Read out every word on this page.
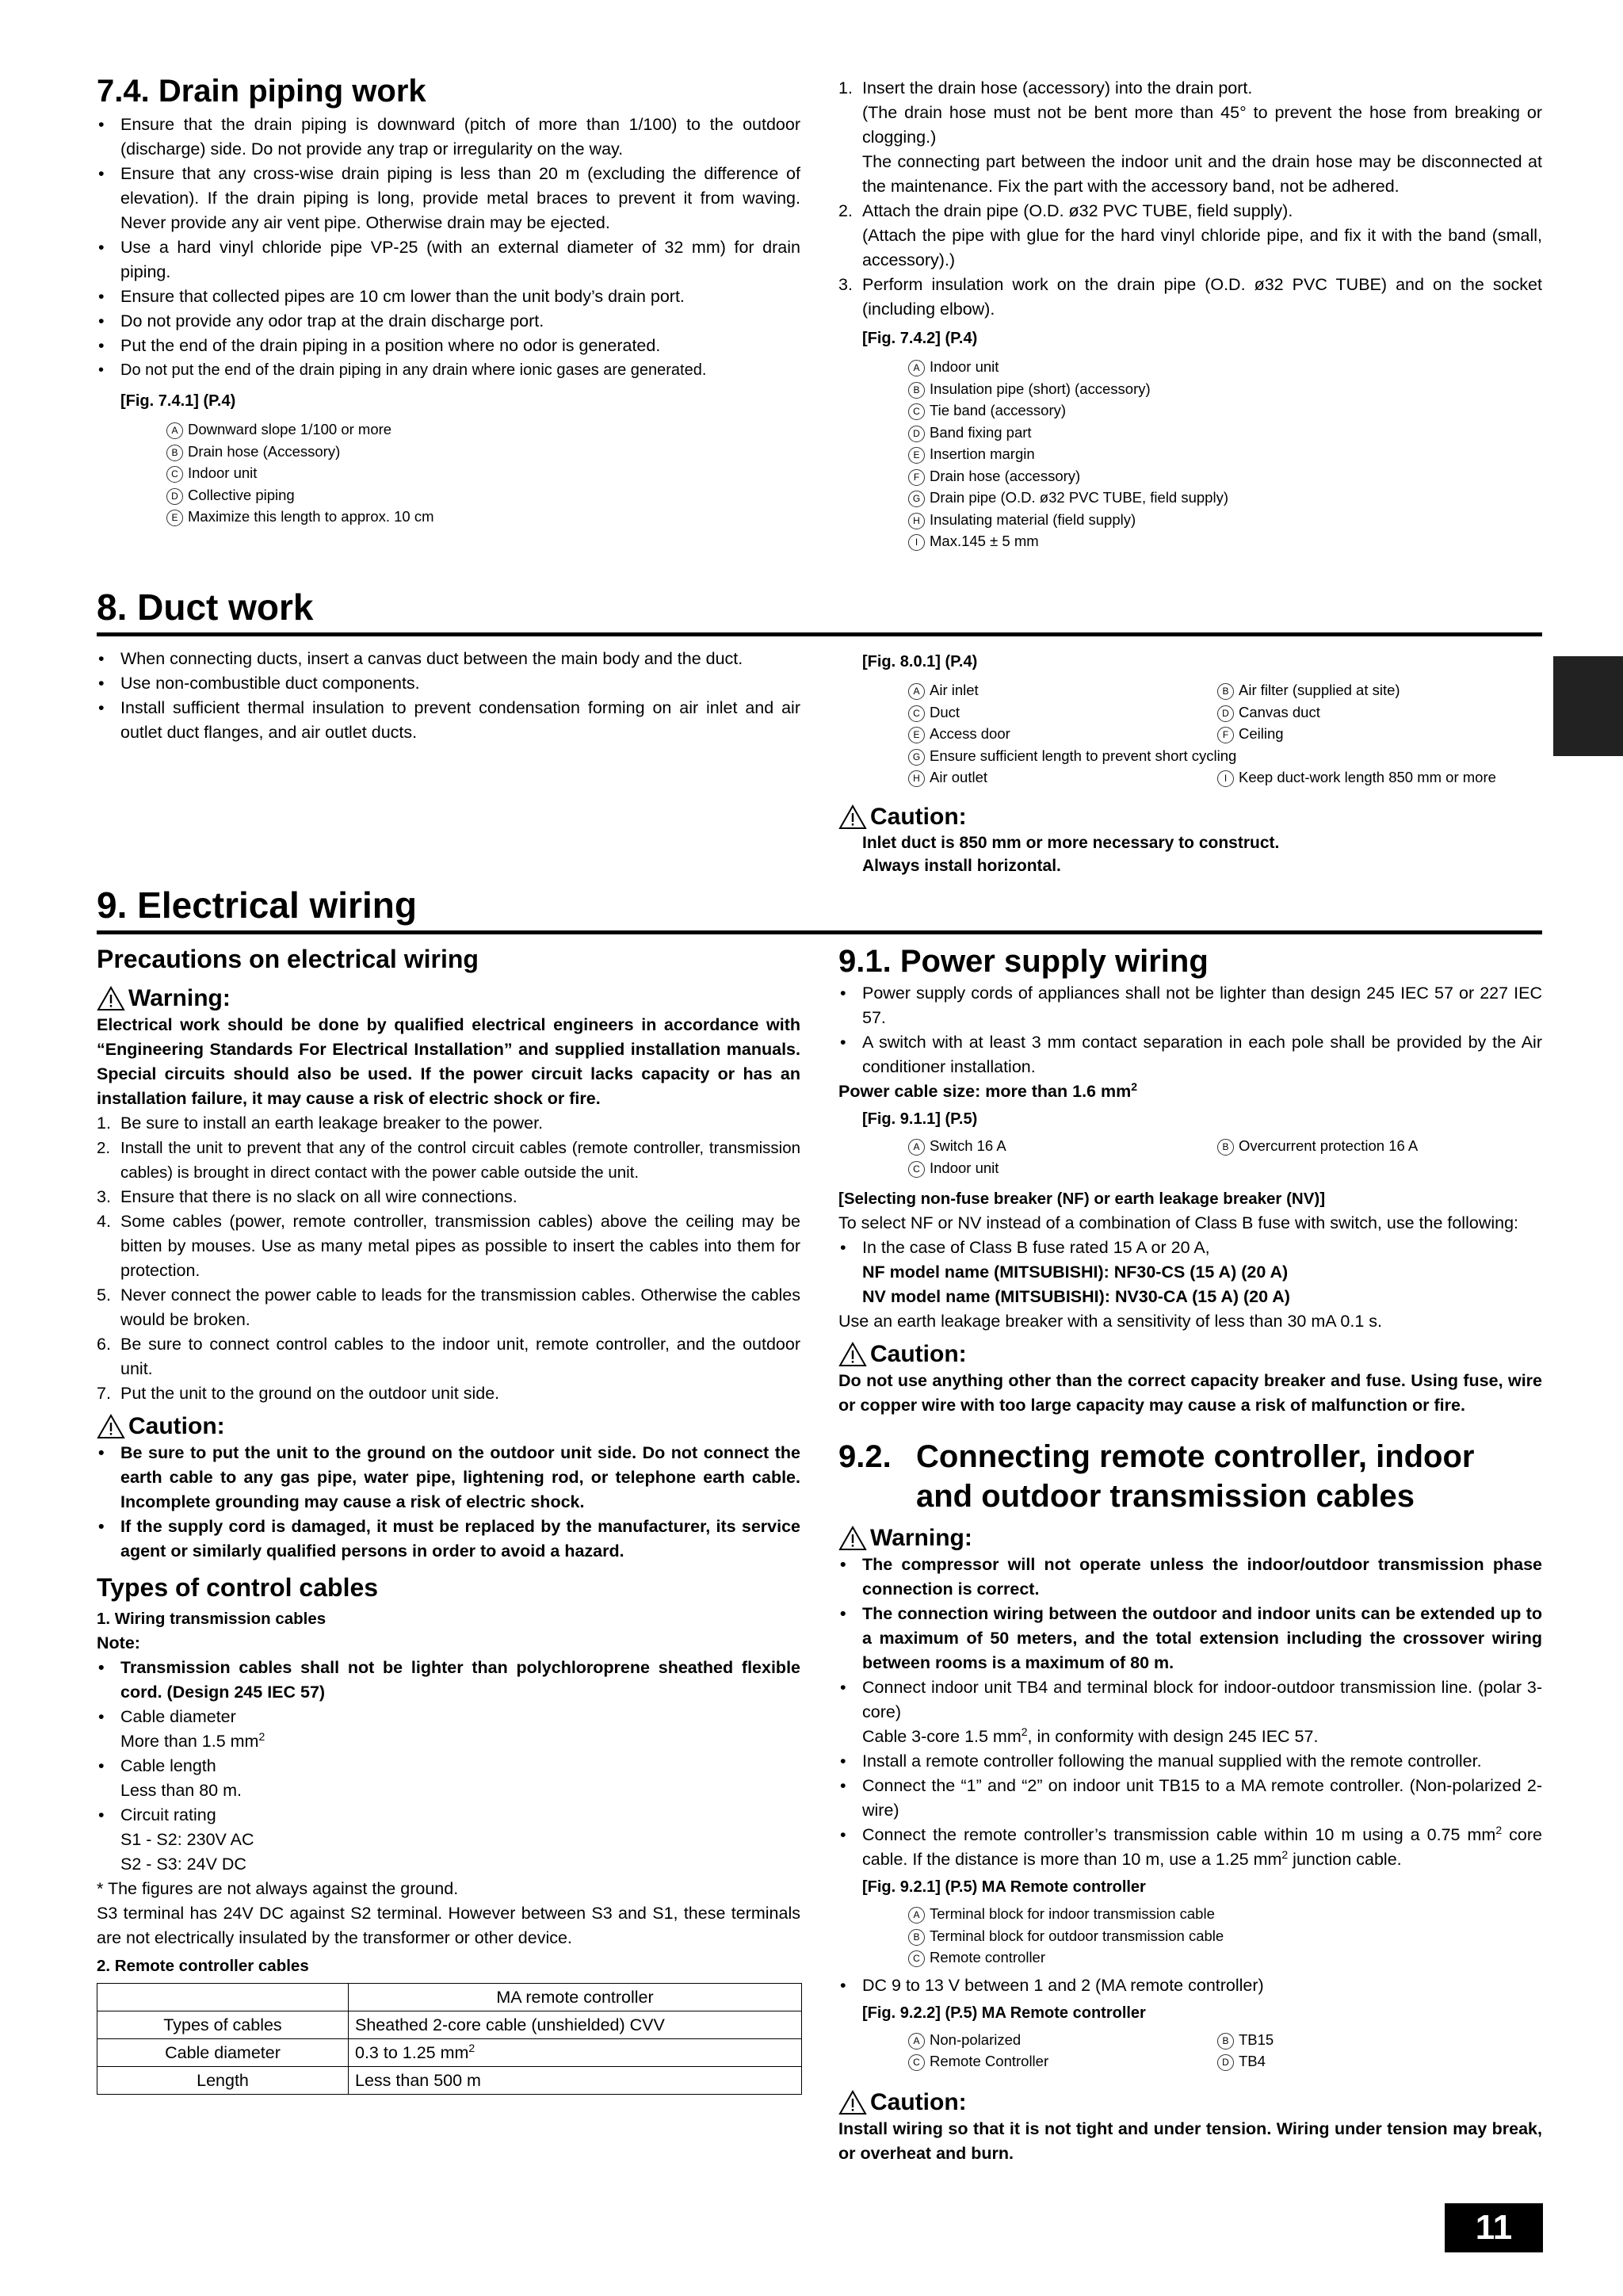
7.4. Drain piping work
• Ensure that the drain piping is downward (pitch of more than 1/100) to the outdoor (discharge) side. Do not provide any trap or irregularity on the way.
• Ensure that any cross-wise drain piping is less than 20 m (excluding the difference of elevation). If the drain piping is long, provide metal braces to prevent it from waving. Never provide any air vent pipe. Otherwise drain may be ejected.
• Use a hard vinyl chloride pipe VP-25 (with an external diameter of 32 mm) for drain piping.
• Ensure that collected pipes are 10 cm lower than the unit body’s drain port.
• Do not provide any odor trap at the drain discharge port.
• Put the end of the drain piping in a position where no odor is generated.
• Do not put the end of the drain piping in any drain where ionic gases are generated.
[Fig. 7.4.1] (P.4)
A Downward slope 1/100 or more
B Drain hose (Accessory)
C Indoor unit
D Collective piping
E Maximize this length to approx. 10 cm
1. Insert the drain hose (accessory) into the drain port.
(The drain hose must not be bent more than 45° to prevent the hose from breaking or clogging.)
The connecting part between the indoor unit and the drain hose may be disconnected at the maintenance. Fix the part with the accessory band, not be adhered.
2. Attach the drain pipe (O.D. ø32 PVC TUBE, field supply).
(Attach the pipe with glue for the hard vinyl chloride pipe, and fix it with the band (small, accessory).)
3. Perform insulation work on the drain pipe (O.D. ø32 PVC TUBE) and on the socket (including elbow).
[Fig. 7.4.2] (P.4)
A Indoor unit
B Insulation pipe (short) (accessory)
C Tie band (accessory)
D Band fixing part
E Insertion margin
F Drain hose (accessory)
G Drain pipe (O.D. ø32 PVC TUBE, field supply)
H Insulating material (field supply)
I Max.145 ± 5 mm
8. Duct work
• When connecting ducts, insert a canvas duct between the main body and the duct.
• Use non-combustible duct components.
• Install sufficient thermal insulation to prevent condensation forming on air inlet and air outlet duct flanges, and air outlet ducts.
[Fig. 8.0.1] (P.4)
A Air inlet	B Air filter (supplied at site)
C Duct	D Canvas duct
E Access door	F Ceiling
G Ensure sufficient length to prevent short cycling
H Air outlet	I Keep duct-work length 850 mm or more
Caution:
Inlet duct is 850 mm or more necessary to construct.
Always install horizontal.
9. Electrical wiring
Precautions on electrical wiring
Warning:
Electrical work should be done by qualified electrical engineers in accordance with “Engineering Standards For Electrical Installation” and supplied installation manuals. Special circuits should also be used. If the power circuit lacks capacity or has an installation failure, it may cause a risk of electric shock or fire.
1. Be sure to install an earth leakage breaker to the power.
2. Install the unit to prevent that any of the control circuit cables (remote controller, transmission cables) is brought in direct contact with the power cable outside the unit.
3. Ensure that there is no slack on all wire connections.
4. Some cables (power, remote controller, transmission cables) above the ceiling may be bitten by mouses. Use as many metal pipes as possible to insert the cables into them for protection.
5. Never connect the power cable to leads for the transmission cables. Otherwise the cables would be broken.
6. Be sure to connect control cables to the indoor unit, remote controller, and the outdoor unit.
7. Put the unit to the ground on the outdoor unit side.
Caution:
• Be sure to put the unit to the ground on the outdoor unit side. Do not connect the earth cable to any gas pipe, water pipe, lightening rod, or telephone earth cable. Incomplete grounding may cause a risk of electric shock.
• If the supply cord is damaged, it must be replaced by the manufacturer, its service agent or similarly qualified persons in order to avoid a hazard.
Types of control cables
1. Wiring transmission cables
Note:
• Transmission cables shall not be lighter than polychloroprene sheathed flexible cord. (Design 245 IEC 57)
• Cable diameter
More than 1.5 $mm^2$
• Cable length
Less than 80 m.
• Circuit rating
S1 - S2: 230V AC
S2 - S3: 24V DC
* The figures are not always against the ground.
S3 terminal has 24V DC against S2 terminal. However between S3 and S1, these terminals are not electrically insulated by the transformer or other device.
2. Remote controller cables
	MA remote controller
Types of cables	Sheathed 2-core cable (unshielded) CVV
Cable diameter	0.3 to 1.25 $mm^2$
Length	Less than 500 m
9.1. Power supply wiring
• Power supply cords of appliances shall not be lighter than design 245 IEC 57 or 227 IEC 57.
• A switch with at least 3 mm contact separation in each pole shall be provided by the Air conditioner installation.
Power cable size: more than 1.6 $mm^2$
[Fig. 9.1.1] (P.5)
A Switch 16 A	B Overcurrent protection 16 A
C Indoor unit
[Selecting non-fuse breaker (NF) or earth leakage breaker (NV)]
To select NF or NV instead of a combination of Class B fuse with switch, use the following:
• In the case of Class B fuse rated 15 A or 20 A,
NF model name (MITSUBISHI): NF30-CS (15 A) (20 A)
NV model name (MITSUBISHI): NV30-CA (15 A) (20 A)
Use an earth leakage breaker with a sensitivity of less than 30 mA 0.1 s.
Caution:
Do not use anything other than the correct capacity breaker and fuse. Using fuse, wire or copper wire with too large capacity may cause a risk of malfunction or fire.
9.2. Connecting remote controller, indoor
and outdoor transmission cables
Warning:
• The compressor will not operate unless the indoor/outdoor transmission phase connection is correct.
• The connection wiring between the outdoor and indoor units can be extended up to a maximum of 50 meters, and the total extension including the crossover wiring between rooms is a maximum of 80 m.
• Connect indoor unit TB4 and terminal block for indoor-outdoor transmission line. (polar 3-core)
Cable 3-core 1.5 $mm^2$, in conformity with design 245 IEC 57.
• Install a remote controller following the manual supplied with the remote controller.
• Connect the “1” and “2” on indoor unit TB15 to a MA remote controller. (Non-polarized 2-wire)
• Connect the remote controller’s transmission cable within 10 m using a 0.75 $mm^2$ core cable. If the distance is more than 10 m, use a 1.25 $mm^2$ junction cable.
[Fig. 9.2.1] (P.5) MA Remote controller
A Terminal block for indoor transmission cable
B Terminal block for outdoor transmission cable
C Remote controller
• DC 9 to 13 V between 1 and 2 (MA remote controller)
[Fig. 9.2.2] (P.5) MA Remote controller
A Non-polarized	B TB15
C Remote Controller	D TB4
Caution:
Install wiring so that it is not tight and under tension. Wiring under tension may break, or overheat and burn.
11
